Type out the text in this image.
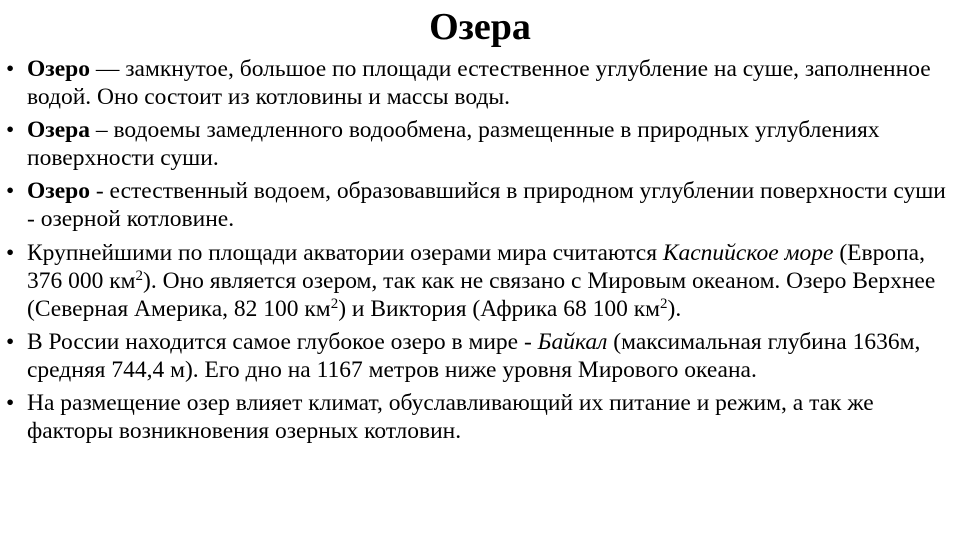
Озера
• Озеро — замкнутое, большое по площади естественное углубление на суше, заполненное водой. Оно состоит из котловины и массы воды.
• Озера – водоемы замедленного водообмена, размещенные в природных углублениях поверхности суши.
• Озеро - естественный водоем, образовавшийся в природном углублении поверхности суши - озерной котловине.
• Крупнейшими по площади акватории озерами мира считаются Каспийское море (Европа, 376 000 $км^2$). Оно является озером, так как не связано с Мировым океаном. Озеро Верхнее (Северная Америка, 82 100 $км^2$) и Виктория (Африка 68 100 $км^2$).
• В России находится самое глубокое озеро в мире - Байкал (максимальная глубина 1636м, средняя 744,4 м). Его дно на 1167 метров ниже уровня Мирового океана.
• На размещение озер влияет климат, обуславливающий их питание и режим, а так же факторы возникновения озерных котловин.
